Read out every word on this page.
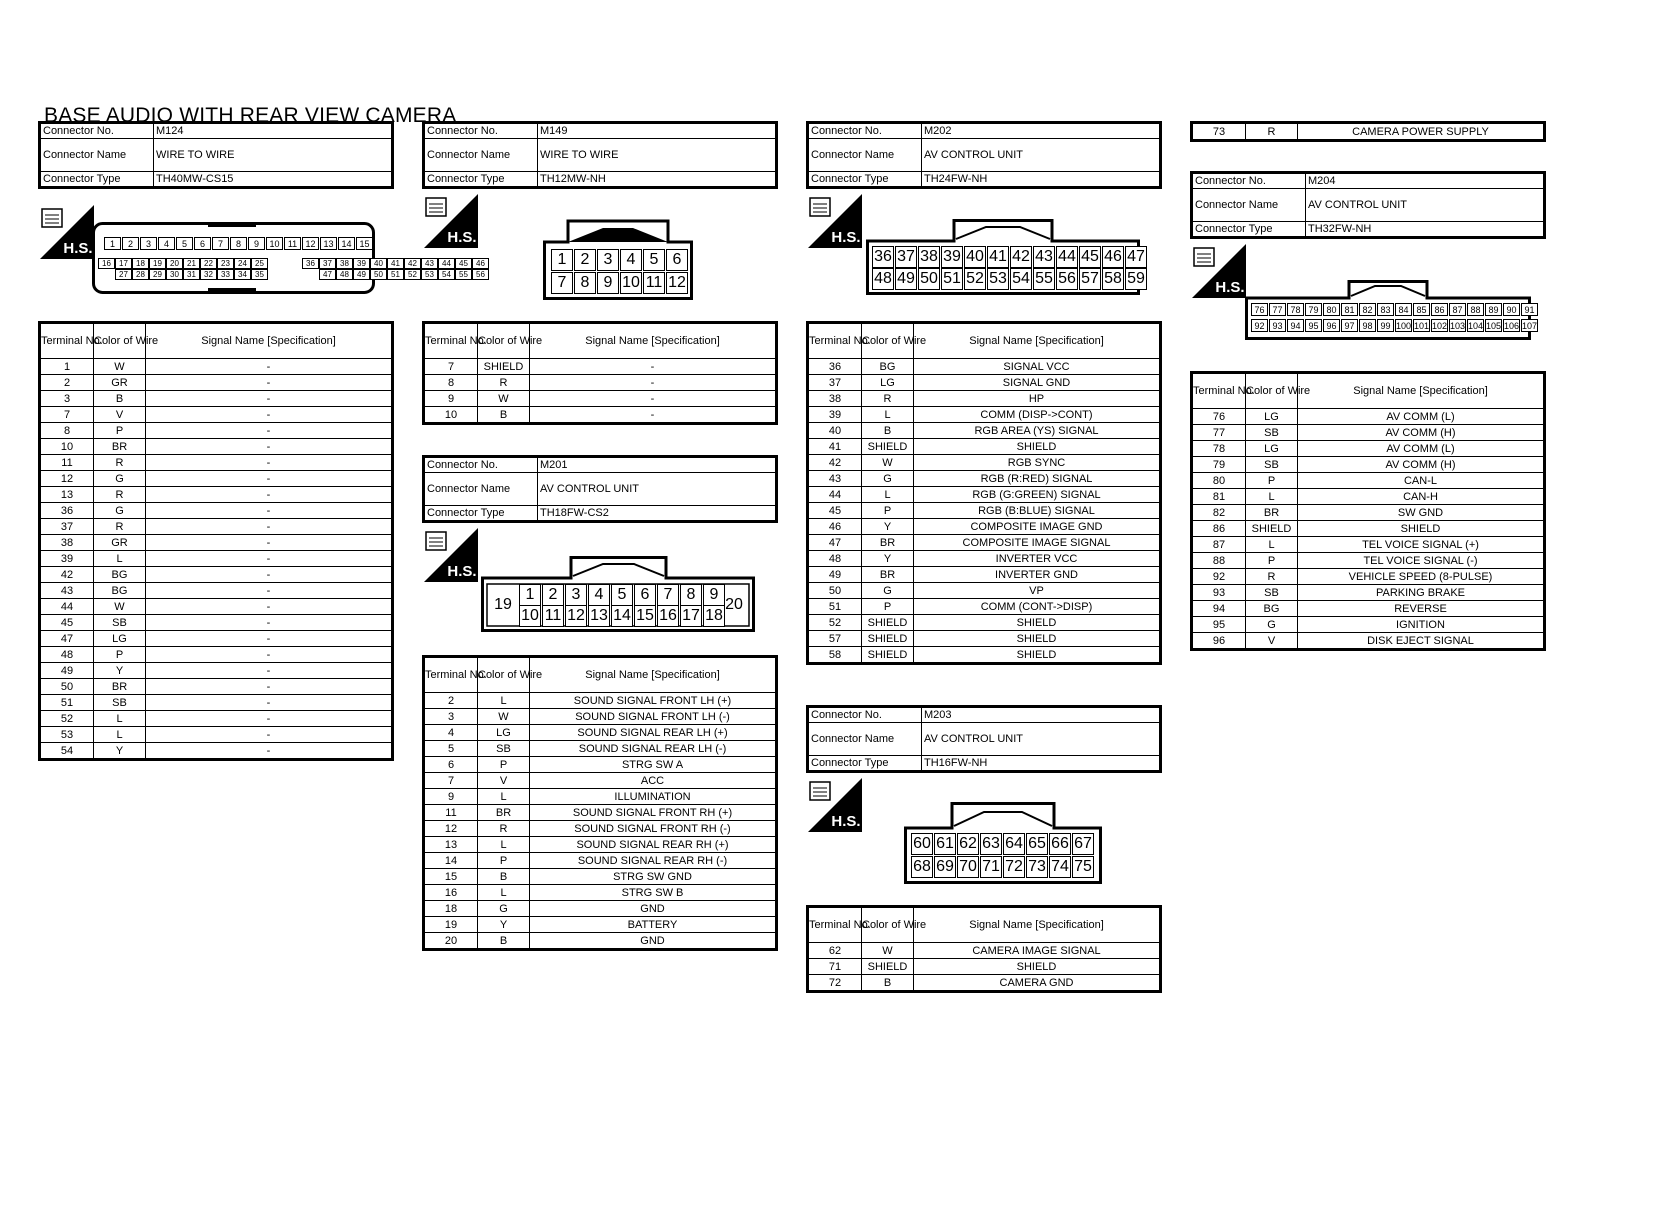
BASE AUDIO WITH REAR VIEW CAMERA
Connector No.	M124
Connector Name	WIRE TO WIRE
Connector Type	TH40MW-CS15
H.S.	1	2	3	4	5	6	7	8	9	10 11 12 13 14 15
16	17	18	19	20	21	22	23	24	25	36	37	38	39	40	41	42	43	44	45	46
27	28	29	30	31	32	33	34	35	47	48	49	50	51	52	53	54	55	56
Terminal No.	Color of Wire	Signal Name [Specification]
1	W	-
2	GR	-
3	B	-
7	V	-
8	P	-
10	BR	-
11	R	-
12	G	-
13	R	-
36	G	-
37	R	-
38	GR	-
39	L	-
42	BG	-
43	BG	-
44	W	-
45	SB	-
47	LG	-
48	P	-
49	Y	-
50	BR	-
51	SB	-
52	L	-
53	L	-
54	Y	-
Connector No.	M149
Connector Name	WIRE TO WIRE
Connector Type	TH12MW-NH
H.S.
1 2 3 4 5 6
7 8 9 10 11 12
Terminal No.	Color of Wire	Signal Name [Specification]
7	SHIELD	-
8	R	-
9	W	-
10	B	-
Connector No.	M201
Connector Name	AV CONTROL UNIT
Connector Type	TH18FW-CS2
H.S.
19
1 2 3 4 5 6 7 8 9
10 11 12 13 14 15 16 17 18
20
Terminal No.	Color of Wire	Signal Name [Specification]
2	L	SOUND SIGNAL FRONT LH (+)
3	W	SOUND SIGNAL FRONT LH (-)
4	LG	SOUND SIGNAL REAR LH (+)
5	SB	SOUND SIGNAL REAR LH (-)
6	P	STRG SW A
7	V	ACC
9	L	ILLUMINATION
11	BR	SOUND SIGNAL FRONT RH (+)
12	R	SOUND SIGNAL FRONT RH (-)
13	L	SOUND SIGNAL REAR RH (+)
14	P	SOUND SIGNAL REAR RH (-)
15	B	STRG SW GND
16	L	STRG SW B
18	G	GND
19	Y	BATTERY
20	B	GND
Connector No.	M202
Connector Name	AV CONTROL UNIT
Connector Type	TH24FW-NH
H.S.
36 37 38 39 40 41 42 43 44 45 46 47
48 49 50 51 52 53 54 55 56 57 58 59
Terminal No.	Color of Wire	Signal Name [Specification]
36	BG	SIGNAL VCC
37	LG	SIGNAL GND
38	R	HP
39	L	COMM (DISP->CONT)
40	B	RGB AREA (YS) SIGNAL
41	SHIELD	SHIELD
42	W	RGB SYNC
43	G	RGB (R:RED) SIGNAL
44	L	RGB (G:GREEN) SIGNAL
45	P	RGB (B:BLUE) SIGNAL
46	Y	COMPOSITE IMAGE GND
47	BR	COMPOSITE IMAGE SIGNAL
48	Y	INVERTER VCC
49	BR	INVERTER GND
50	G	VP
51	P	COMM (CONT->DISP)
52	SHIELD	SHIELD
57	SHIELD	SHIELD
58	SHIELD	SHIELD
Connector No.	M203
Connector Name	AV CONTROL UNIT
Connector Type	TH16FW-NH
H.S.
60 61 62 63 64 65 66 67
68 69 70 71 72 73 74 75
Terminal No.	Color of Wire	Signal Name [Specification]
62	W	CAMERA IMAGE SIGNAL
71	SHIELD	SHIELD
72	B	CAMERA GND
73	R	CAMERA POWER SUPPLY
Connector No.	M204
Connector Name	AV CONTROL UNIT
Connector Type	TH32FW-NH
H.S.
76 77 78 79 80 81 82 83 84 85 86 87 88 89 90 91
92 93 94 95 96 97 98 99 100 101 102 103 104 105 106 107
Terminal No.	Color of Wire	Signal Name [Specification]
76	LG	AV COMM (L)
77	SB	AV COMM (H)
78	LG	AV COMM (L)
79	SB	AV COMM (H)
80	P	CAN-L
81	L	CAN-H
82	BR	SW GND
86	SHIELD	SHIELD
87	L	TEL VOICE SIGNAL (+)
88	P	TEL VOICE SIGNAL (-)
92	R	VEHICLE SPEED (8-PULSE)
93	SB	PARKING BRAKE
94	BG	REVERSE
95	G	IGNITION
96	V	DISK EJECT SIGNAL
